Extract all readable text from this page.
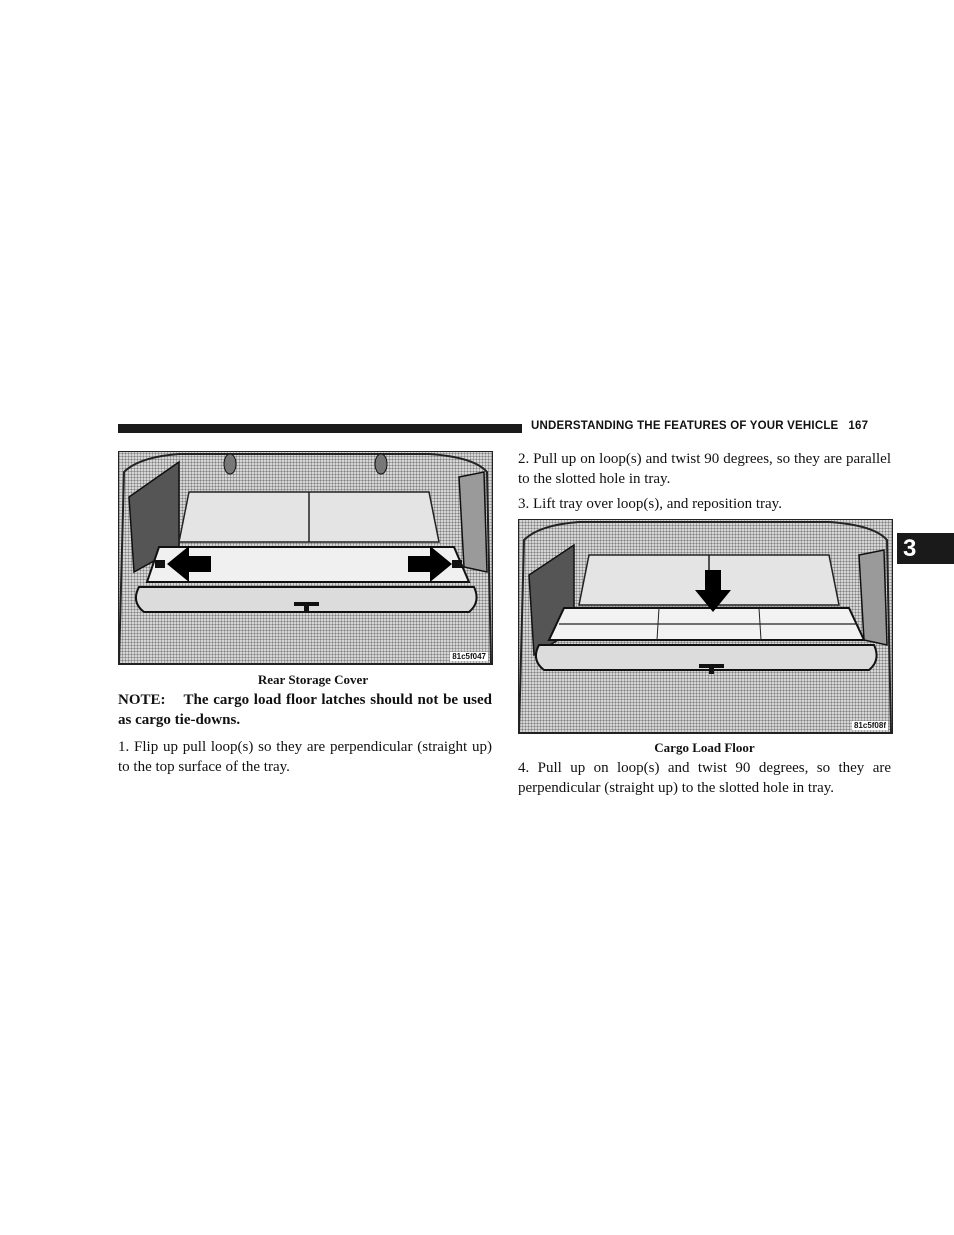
UNDERSTANDING THE FEATURES OF YOUR VEHICLE 167
3
81c5f047
Rear Storage Cover
NOTE: The cargo load floor latches should not be used as cargo tie-downs.
1. Flip up pull loop(s) so they are perpendicular (straight up) to the top surface of the tray.
2. Pull up on loop(s) and twist 90 degrees, so they are parallel to the slotted hole in tray.
3. Lift tray over loop(s), and reposition tray.
81c5f08f
Cargo Load Floor
4. Pull up on loop(s) and twist 90 degrees, so they are perpendicular (straight up) to the slotted hole in tray.
